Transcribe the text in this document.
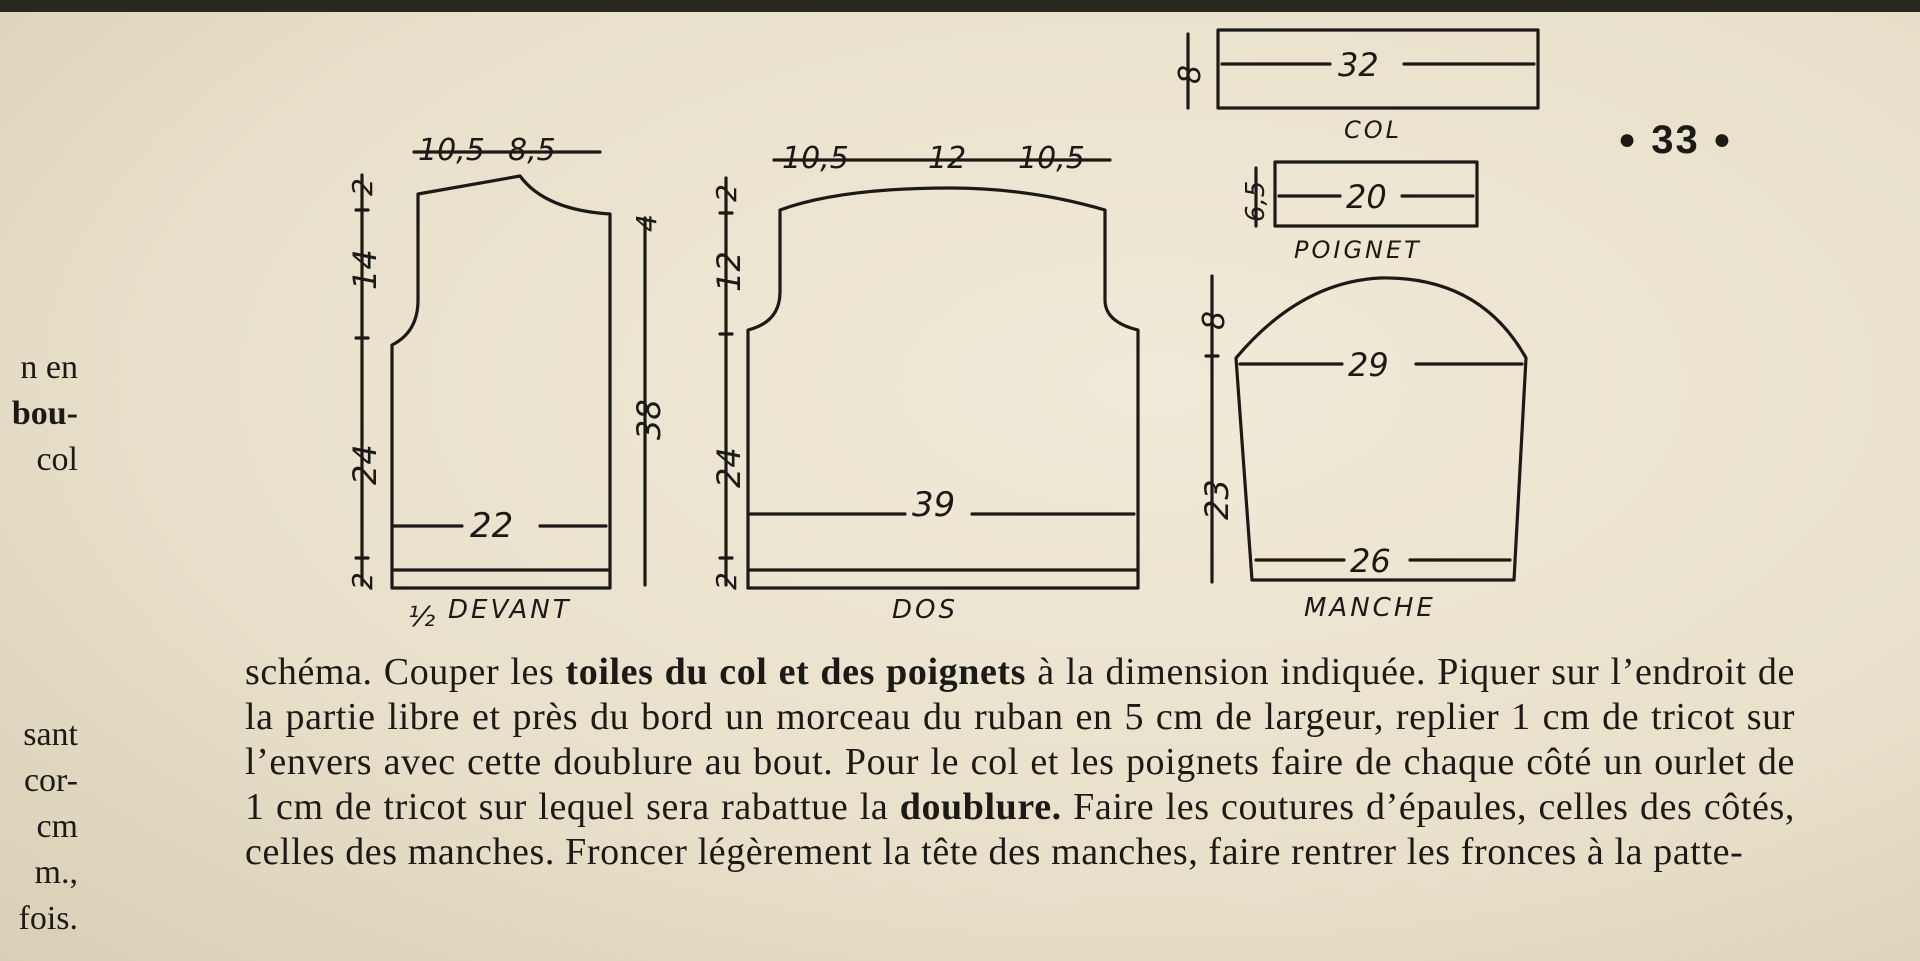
n en
bou-
col
sant
cor-
cm
m.,
fois.
● 33 ●
10,5 8,5
22
2
14
24
2
4
38
½ DEVANT
10,5	12 10,5
39
2
12
24
2
DOS
32
8
COL
20
6,5
POIGNET
29
26
8
23
MANCHE

schéma. Couper les toiles du col et des poignets à la dimension indiquée. Piquer sur l’endroit de la partie libre et près du bord un morceau du ruban en 5 cm de largeur, replier 1 cm de tricot sur l’envers avec cette doublure au bout. Pour le col et les poignets faire de chaque côté un ourlet de 1 cm de tricot sur lequel sera rabattue la doublure. Faire les coutures d’épaules, celles des côtés, celles des manches. Froncer légèrement la tête des manches, faire rentrer les fronces à la patte-
